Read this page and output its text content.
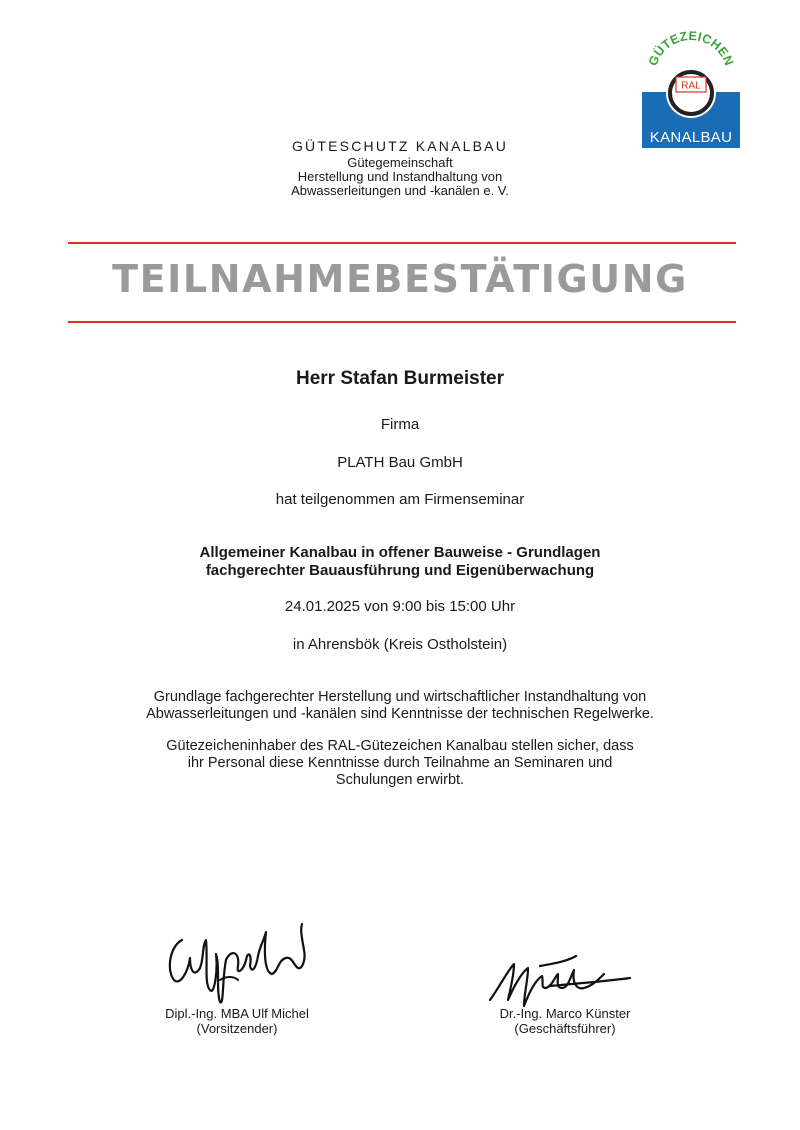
GÜTEZEICHEN
RAL
KANALBAU
GÜTESCHUTZ KANALBAU
Gütegemeinschaft
Herstellung und Instandhaltung von
Abwasserleitungen und -kanälen e. V.
TEILNAHMEBESTÄTIGUNG
Herr Stafan Burmeister
Firma
PLATH Bau GmbH
hat teilgenommen am Firmenseminar
Allgemeiner Kanalbau in offener Bauweise - Grundlagen
fachgerechter Bauausführung und Eigenüberwachung
24.01.2025 von 9:00 bis 15:00 Uhr
in Ahrensbök (Kreis Ostholstein)
Grundlage fachgerechter Herstellung und wirtschaftlicher Instandhaltung von
Abwasserleitungen und -kanälen sind Kenntnisse der technischen Regelwerke.
Gütezeicheninhaber des RAL-Gütezeichen Kanalbau stellen sicher, dass
ihr Personal diese Kenntnisse durch Teilnahme an Seminaren und
Schulungen erwirbt.
Dipl.-Ing. MBA Ulf Michel
(Vorsitzender)
Dr.-Ing. Marco Künster
(Geschäftsführer)
